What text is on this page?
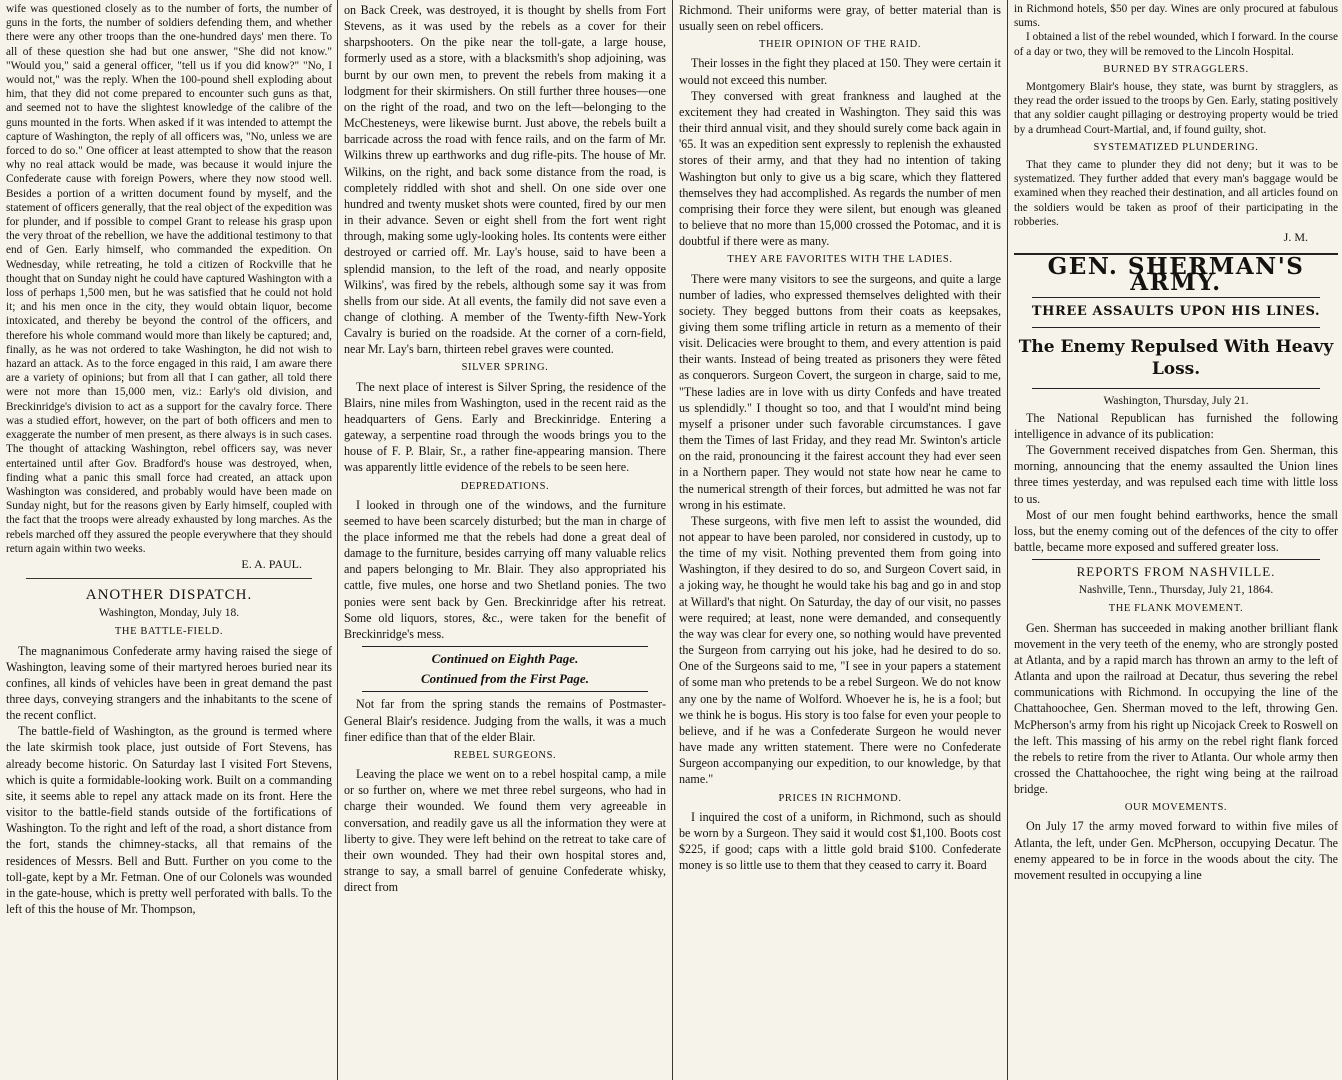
wife was questioned closely as to the number of forts, the number of guns in the forts, the number of soldiers defending them, and whether there were any other troops than the one-hundred days' men there. To all of these question she had but one answer, "She did not know." "Would you," said a general officer, "tell us if you did know?" "No, I would not," was the reply. When the 100-pound shell exploding about him, that they did not come prepared to encounter such guns as that, and seemed not to have the slightest knowledge of the calibre of the guns mounted in the forts. When asked if it was intended to attempt the capture of Washington, the reply of all officers was, "No, unless we are forced to do so." One officer at least attempted to show that the reason why no real attack would be made, was because it would injure the Confederate cause with foreign Powers, where they now stood well. Besides a portion of a written document found by myself, and the statement of officers generally, that the real object of the expedition was for plunder, and if possible to compel Grant to release his grasp upon the very throat of the rebellion, we have the additional testimony to that end of Gen. Early himself, who commanded the expedition. On Wednesday, while retreating, he told a citizen of Rockville that he thought that on Sunday night he could have captured Washington with a loss of perhaps 1,500 men, but he was satisfied that he could not hold it; and his men once in the city, they would obtain liquor, become intoxicated, and thereby be beyond the control of the officers, and therefore his whole command would more than likely be captured; and, finally, as he was not ordered to take Washington, he did not wish to hazard an attack. As to the force engaged in this raid, I am aware there are a variety of opinions; but from all that I can gather, all told there were not more than 15,000 men, viz.: Early's old division, and Breckinridge's division to act as a support for the cavalry force. There was a studied effort, however, on the part of both officers and men to exaggerate the number of men present, as there always is in such cases. The thought of attacking Washington, rebel officers say, was never entertained until after Gov. Bradford's house was destroyed, when, finding what a panic this small force had created, an attack upon Washington was considered, and probably would have been made on Sunday night, but for the reasons given by Early himself, coupled with the fact that the troops were already exhausted by long marches. As the rebels marched off they assured the people everywhere that they should return again within two weeks.

E. A. PAUL.
ANOTHER DISPATCH.
Washington, Monday, July 18.
THE BATTLE-FIELD.

The magnanimous Confederate army having raised the siege of Washington, leaving some of their martyred heroes buried near its confines, all kinds of vehicles have been in great demand the past three days, conveying strangers and the inhabitants to the scene of the recent conflict.

The battle-field of Washington, as the ground is termed where the late skirmish took place, just outside of Fort Stevens, has already become historic. On Saturday last I visited Fort Stevens, which is quite a formidable-looking work. Built on a commanding site, it seems able to repel any attack made on its front. Here the visitor to the battle-field stands outside of the fortifications of Washington. To the right and left of the road, a short distance from the fort, stands the chimney-stacks, all that remains of the residences of Messrs. Bell and Butt. Further on you come to the toll-gate, kept by a Mr. Fetman. One of our Colonels was wounded in the gate-house, which is pretty well perforated with balls. To the left of this the house of Mr. Thompson,

on Back Creek, was destroyed, it is thought by shells from Fort Stevens, as it was used by the rebels as a cover for their sharpshooters. On the pike near the toll-gate, a large house, formerly used as a store, with a blacksmith's shop adjoining, was burnt by our own men, to prevent the rebels from making it a lodgment for their skirmishers. On still further three houses—one on the right of the road, and two on the left—belonging to the McChesteneys, were likewise burnt. Just above, the rebels built a barricade across the road with fence rails, and on the farm of Mr. Wilkins threw up earthworks and dug rifle-pits. The house of Mr. Wilkins, on the right, and back some distance from the road, is completely riddled with shot and shell. On one side over one hundred and twenty musket shots were counted, fired by our men in their advance. Seven or eight shell from the fort went right through, making some ugly-looking holes. Its contents were either destroyed or carried off. Mr. Lay's house, said to have been a splendid mansion, to the left of the road, and nearly opposite Wilkins', was fired by the rebels, although some say it was from shells from our side. At all events, the family did not save even a change of clothing. A member of the Twenty-fifth New-York Cavalry is buried on the roadside. At the corner of a corn-field, near Mr. Lay's barn, thirteen rebel graves were counted.

SILVER SPRING.

The next place of interest is Silver Spring, the residence of the Blairs, nine miles from Washington, used in the recent raid as the headquarters of Gens. Early and Breckinridge. Entering a gateway, a serpentine road through the woods brings you to the house of F. P. Blair, Sr., a rather fine-appearing mansion. There was apparently little evidence of the rebels to be seen here.

DEPREDATIONS.

I looked in through one of the windows, and the furniture seemed to have been scarcely disturbed; but the man in charge of the place informed me that the rebels had done a great deal of damage to the furniture, besides carrying off many valuable relics and papers belonging to Mr. Blair. They also appropriated his cattle, five mules, one horse and two Shetland ponies. The two ponies were sent back by Gen. Breckinridge after his retreat. Some old liquors, stores, &c., were taken for the benefit of Breckinridge's mess.

Continued on Eighth Page.
Continued from the First Page.

Not far from the spring stands the remains of Postmaster-General Blair's residence. Judging from the walls, it was a much finer edifice than that of the elder Blair.

REBEL SURGEONS.

Leaving the place we went on to a rebel hospital camp, a mile or so further on, where we met three rebel surgeons, who had in charge their wounded. We found them very agreeable in conversation, and readily gave us all the information they were at liberty to give. They were left behind on the retreat to take care of their own wounded. They had their own hospital stores and, strange to say, a small barrel of genuine Confederate whisky, direct from

Richmond. Their uniforms were gray, of better material than is usually seen on rebel officers.

THEIR OPINION OF THE RAID.

Their losses in the fight they placed at 150. They were certain it would not exceed this number.

They conversed with great frankness and laughed at the excitement they had created in Washington. They said this was their third annual visit, and they should surely come back again in '65. It was an expedition sent expressly to replenish the exhausted stores of their army, and that they had no intention of taking Washington but only to give us a big scare, which they flattered themselves they had accomplished. As regards the number of men comprising their force they were silent, but enough was gleaned to believe that no more than 15,000 crossed the Potomac, and it is doubtful if there were as many.

THEY ARE FAVORITES WITH THE LADIES.

There were many visitors to see the surgeons, and quite a large number of ladies, who expressed themselves delighted with their society. They begged buttons from their coats as keepsakes, giving them some trifling article in return as a memento of their visit. Delicacies were brought to them, and every attention is paid their wants. Instead of being treated as prisoners they were fêted as conquerors. Surgeon Covert, the surgeon in charge, said to me, "These ladies are in love with us dirty Confeds and have treated us splendidly." I thought so too, and that I would'nt mind being myself a prisoner under such favorable circumstances. I gave them the Times of last Friday, and they read Mr. Swinton's article on the raid, pronouncing it the fairest account they had ever seen in a Northern paper. They would not state how near he came to the numerical strength of their forces, but admitted he was not far wrong in his estimate.

These surgeons, with five men left to assist the wounded, did not appear to have been paroled, nor considered in custody, up to the time of my visit. Nothing prevented them from going into Washington, if they desired to do so, and Surgeon Covert said, in a joking way, he thought he would take his bag and go in and stop at Willard's that night. On Saturday, the day of our visit, no passes were required; at least, none were demanded, and consequently the way was clear for every one, so nothing would have prevented the Surgeon from carrying out his joke, had he desired to do so. One of the Surgeons said to me, "I see in your papers a statement of some man who pretends to be a rebel Surgeon. We do not know any one by the name of Wolford. Whoever he is, he is a fool; but we think he is bogus. His story is too false for even your people to believe, and if he was a Confederate Surgeon he would never have made any written statement. There were no Confederate Surgeon accompanying our expedition, to our knowledge, by that name."

PRICES IN RICHMOND.

I inquired the cost of a uniform, in Richmond, such as should be worn by a Surgeon. They said it would cost $1,100. Boots cost $225, if good; caps with a little gold braid $100. Confederate money is so little use to them that they ceased to carry it. Board

in Richmond hotels, $50 per day. Wines are only procured at fabulous sums.

I obtained a list of the rebel wounded, which I forward. In the course of a day or two, they will be removed to the Lincoln Hospital.

BURNED BY STRAGGLERS.

Montgomery Blair's house, they state, was burnt by stragglers, as they read the order issued to the troops by Gen. Early, stating positively that any soldier caught pillaging or destroying property would be tried by a drumhead Court-Martial, and, if found guilty, shot.

SYSTEMATIZED PLUNDERING.

That they came to plunder they did not deny; but it was to be systematized. They further added that every man's baggage would be examined when they reached their destination, and all articles found on the soldiers would be taken as proof of their participating in the robberies.

J. M.
GEN. SHERMAN'S ARMY.
THREE ASSAULTS UPON HIS LINES.
The Enemy Repulsed With Heavy Loss.
Washington, Thursday, July 21.

The National Republican has furnished the following intelligence in advance of its publication:

The Government received dispatches from Gen. Sherman, this morning, announcing that the enemy assaulted the Union lines three times yesterday, and was repulsed each time with little loss to us.

Most of our men fought behind earthworks, hence the small loss, but the enemy coming out of the defences of the city to offer battle, became more exposed and suffered greater loss.

REPORTS FROM NASHVILLE.
Nashville, Tenn., Thursday, July 21, 1864.
THE FLANK MOVEMENT.

Gen. Sherman has succeeded in making another brilliant flank movement in the very teeth of the enemy, who are strongly posted at Atlanta, and by a rapid march has thrown an army to the left of Atlanta and upon the railroad at Decatur, thus severing the rebel communications with Richmond. In occupying the line of the Chattahoochee, Gen. Sherman moved to the left, throwing Gen. McPherson's army from his right up Nicojack Creek to Roswell on the left. This massing of his army on the rebel right flank forced the rebels to retire from the river to Atlanta. Our whole army then crossed the Chattahoochee, the right wing being at the railroad bridge.

OUR MOVEMENTS.

On July 17 the army moved forward to within five miles of Atlanta, the left, under Gen. McPherson, occupying Decatur. The enemy appeared to be in force in the woods about the city. The movement resulted in occupying a line
